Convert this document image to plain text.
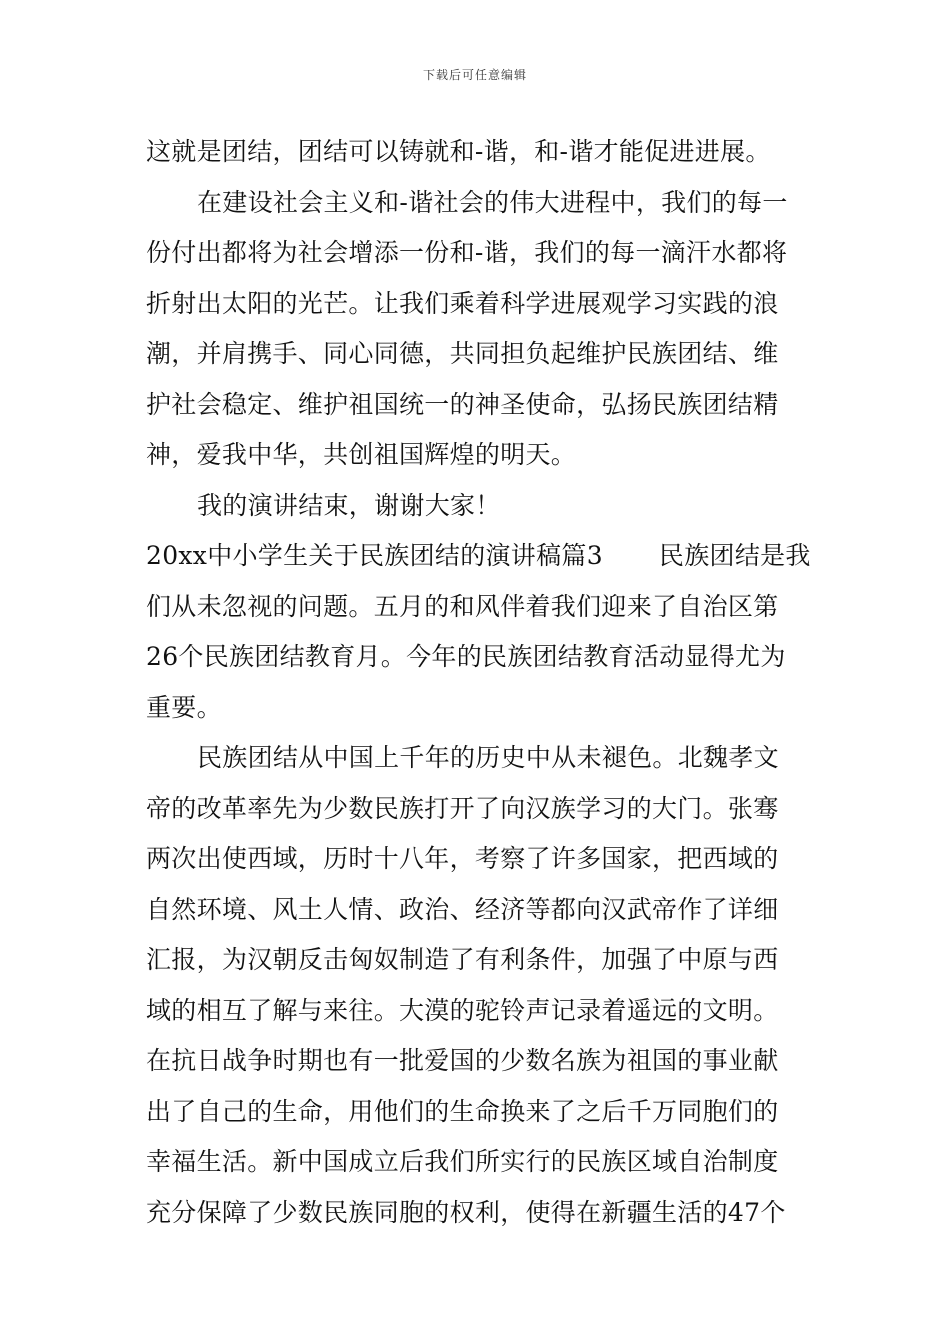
下载后可任意编辑
这就是团结，团结可以铸就和-谐，和-谐才能促进进展。
在建设社会主义和-谐社会的伟大进程中，我们的每一
份付出都将为社会增添一份和-谐，我们的每一滴汗水都将
折射出太阳的光芒。让我们乘着科学进展观学习实践的浪
潮，并肩携手、同心同德，共同担负起维护民族团结、维
护社会稳定、维护祖国统一的神圣使命，弘扬民族团结精
神，爱我中华，共创祖国辉煌的明天。
我的演讲结束，谢谢大家！
20xx中小学生关于民族团结的演讲稿篇3 民族团结是我
们从未忽视的问题。五月的和风伴着我们迎来了自治区第
26个民族团结教育月。今年的民族团结教育活动显得尤为
重要。
民族团结从中国上千年的历史中从未褪色。北魏孝文
帝的改革率先为少数民族打开了向汉族学习的大门。张骞
两次出使西域，历时十八年，考察了许多国家，把西域的
自然环境、风土人情、政治、经济等都向汉武帝作了详细
汇报，为汉朝反击匈奴制造了有利条件，加强了中原与西
域的相互了解与来往。大漠的驼铃声记录着遥远的文明。
在抗日战争时期也有一批爱国的少数名族为祖国的事业献
出了自己的生命，用他们的生命换来了之后千万同胞们的
幸福生活。新中国成立后我们所实行的民族区域自治制度
充分保障了少数民族同胞的权利，使得在新疆生活的47个
